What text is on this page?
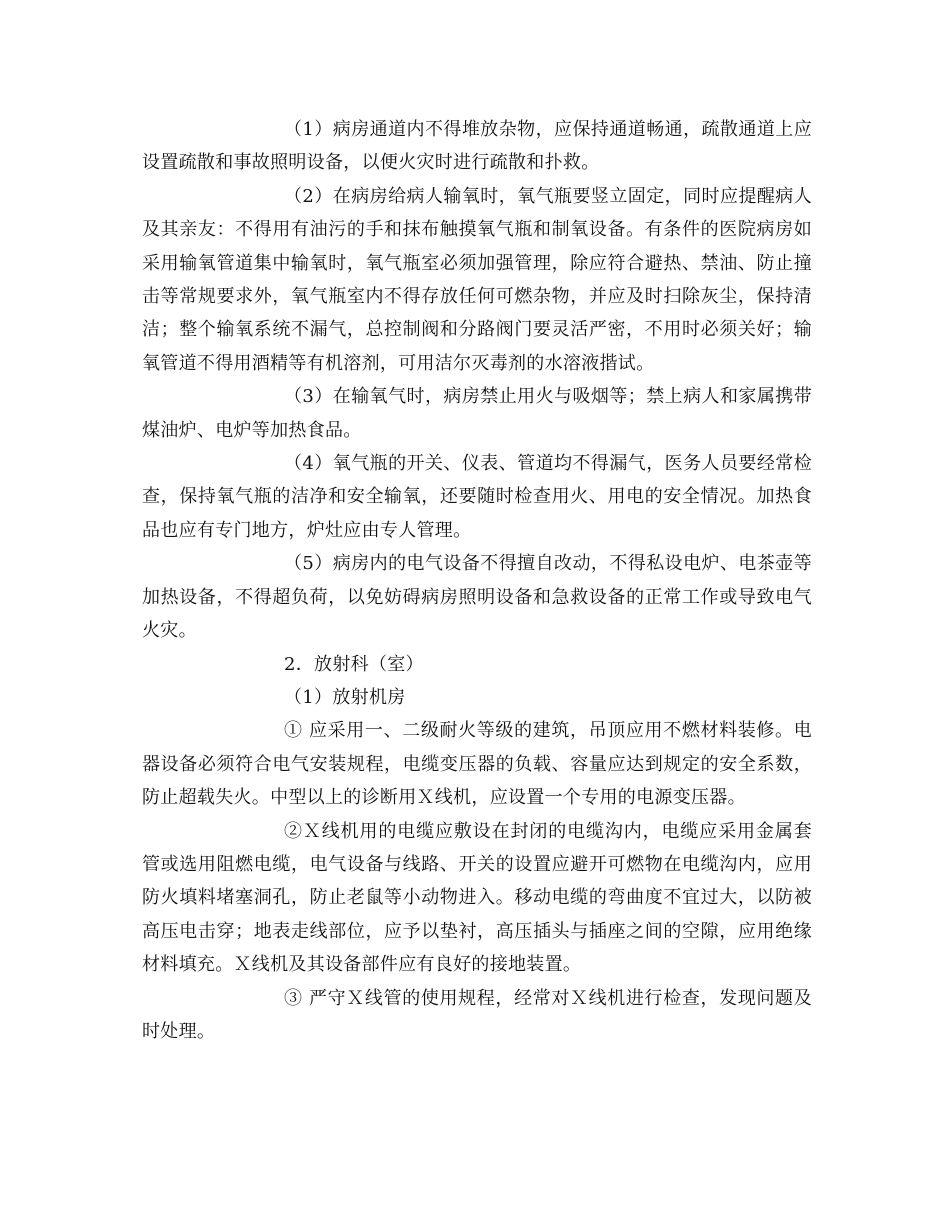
（1）病房通道内不得堆放杂物，应保持通道畅通，疏散通道上应设置疏散和事故照明设备，以便火灾时进行疏散和扑救。

（2）在病房给病人输氧时，氧气瓶要竖立固定，同时应提醒病人及其亲友：不得用有油污的手和抹布触摸氧气瓶和制氧设备。有条件的医院病房如采用输氧管道集中输氧时，氧气瓶室必须加强管理，除应符合避热、禁油、防止撞击等常规要求外，氧气瓶室内不得存放任何可燃杂物，并应及时扫除灰尘，保持清洁；整个输氧系统不漏气，总控制阀和分路阀门要灵活严密，不用时必须关好；输氧管道不得用酒精等有机溶剂，可用洁尔灭毒剂的水溶液揩试。

（3）在输氧气时，病房禁止用火与吸烟等；禁上病人和家属携带煤油炉、电炉等加热食品。

（4）氧气瓶的开关、仪表、管道均不得漏气，医务人员要经常检查，保持氧气瓶的洁净和安全输氧，还要随时检查用火、用电的安全情况。加热食品也应有专门地方，炉灶应由专人管理。

（5）病房内的电气设备不得擅自改动，不得私设电炉、电茶壶等加热设备，不得超负荷，以免妨碍病房照明设备和急救设备的正常工作或导致电气火灾。

2．放射科（室）

（1）放射机房

① 应采用一、二级耐火等级的建筑，吊顶应用不燃材料装修。电器设备必须符合电气安装规程，电缆变压器的负载、容量应达到规定的安全系数，防止超载失火。中型以上的诊断用Ｘ线机，应设置一个专用的电源变压器。

②Ｘ线机用的电缆应敷设在封闭的电缆沟内，电缆应采用金属套管或选用阻燃电缆，电气设备与线路、开关的设置应避开可燃物在电缆沟内，应用防火填料堵塞洞孔，防止老鼠等小动物进入。移动电缆的弯曲度不宜过大，以防被高压电击穿；地表走线部位，应予以垫衬，高压插头与插座之间的空隙，应用绝缘材料填充。Ｘ线机及其设备部件应有良好的接地装置。

③ 严守Ｘ线管的使用规程，经常对Ｘ线机进行检查，发现问题及时处理。
